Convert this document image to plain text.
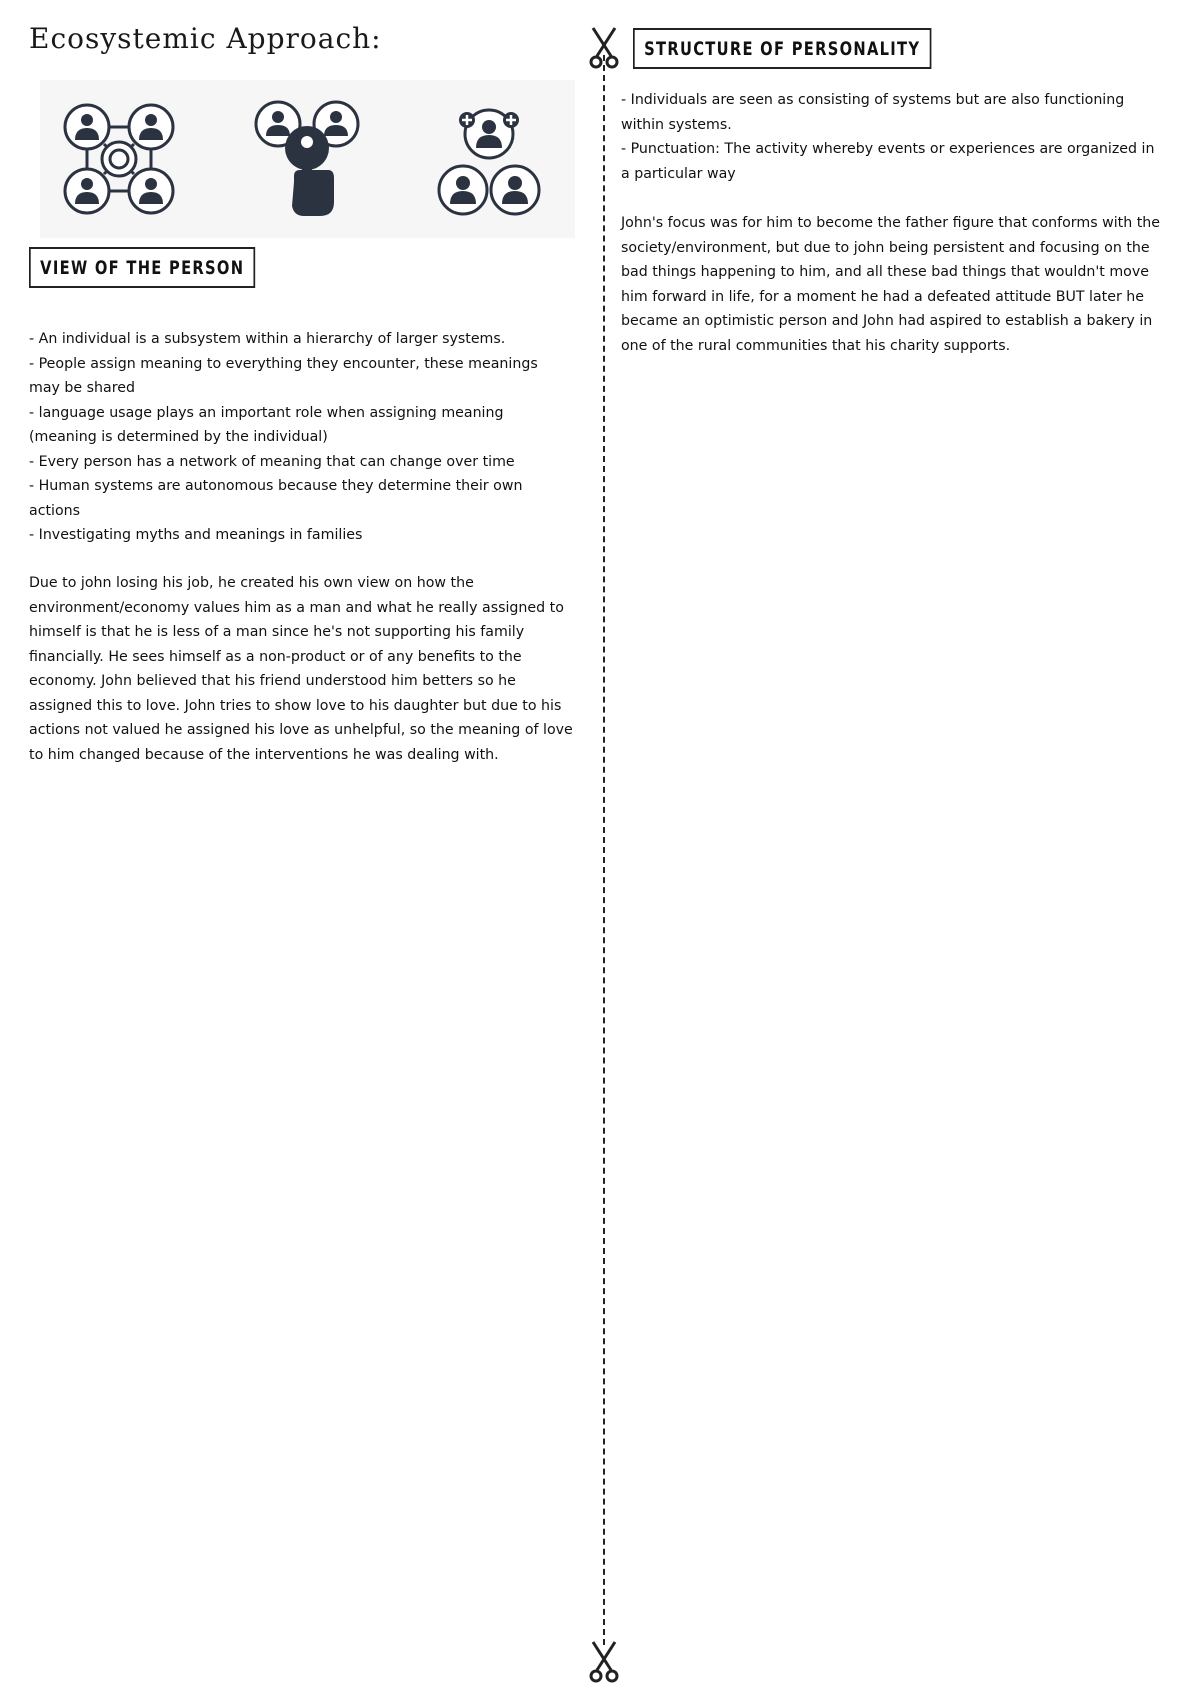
Ecosystemic Approach:
VIEW OF THE PERSON

- An individual is a subsystem within a hierarchy of larger systems.

- People assign meaning to everything they encounter, these meanings may be shared

- language usage plays an important role when assigning meaning (meaning is determined by the individual)

- Every person has a network of meaning that can change over time

- Human systems are autonomous because they determine their own actions

- Investigating myths and meanings in families

Due to john losing his job, he created his own view on how the environment/economy values him as a man and what he really assigned to himself is that he is less of a man since he's not supporting his family financially. He sees himself as a non-product or of any benefits to the economy. John believed that his friend understood him betters so he assigned this to love. John tries to show love to his daughter but due to his actions not valued he assigned his love as unhelpful, so the meaning of love to him changed because of the interventions he was dealing with.

STRUCTURE OF PERSONALITY

- Individuals are seen as consisting of systems but are also functioning within systems.

- Punctuation: The activity whereby events or experiences are organized in a particular way

John's focus was for him to become the father figure that conforms with the society/environment, but due to john being persistent and focusing on the bad things happening to him, and all these bad things that wouldn't move him forward in life, for a moment he had a defeated attitude BUT later he became an optimistic person and John had aspired to establish a bakery in one of the rural communities that his charity supports.
